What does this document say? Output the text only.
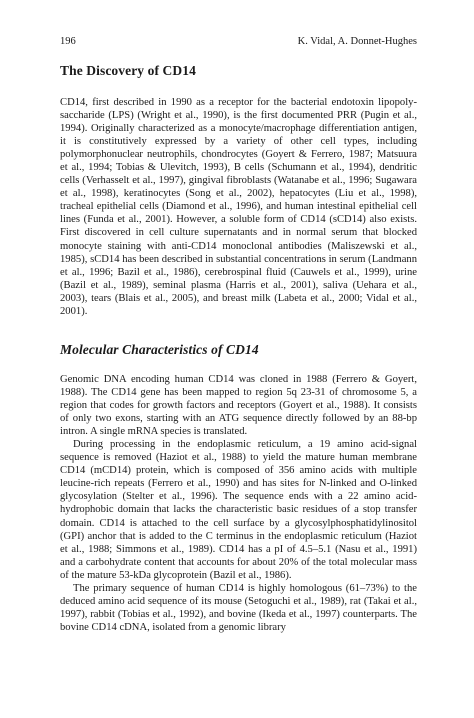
196	K. Vidal, A. Donnet-Hughes
The Discovery of CD14

CD14, first described in 1990 as a receptor for the bacterial endotoxin lipopolysaccharide (LPS) (Wright et al., 1990), is the first documented PRR (Pugin et al., 1994). Originally characterized as a monocyte/macrophage differentiation antigen, it is constitutively expressed by a variety of other cell types, including polymorphonuclear neutrophils, chondrocytes (Goyert & Ferrero, 1987; Matsuura et al., 1994; Tobias & Ulevitch, 1993), B cells (Schumann et al., 1994), dendritic cells (Verhasselt et al., 1997), gingival fibroblasts (Watanabe et al., 1996; Sugawara et al., 1998), keratinocytes (Song et al., 2002), hepatocytes (Liu et al., 1998), tracheal epithelial cells (Diamond et al., 1996), and human intestinal epithelial cell lines (Funda et al., 2001). However, a soluble form of CD14 (sCD14) also exists. First discovered in cell culture supernatants and in normal serum that blocked monocyte staining with anti-CD14 monoclonal antibodies (Maliszewski et al., 1985), sCD14 has been described in substantial concentrations in serum (Landmann et al., 1996; Bazil et al., 1986), cerebrospinal fluid (Cauwels et al., 1999), urine (Bazil et al., 1989), seminal plasma (Harris et al., 2001), saliva (Uehara et al., 2003), tears (Blais et al., 2005), and breast milk (Labeta et al., 2000; Vidal et al., 2001).

Molecular Characteristics of CD14

Genomic DNA encoding human CD14 was cloned in 1988 (Ferrero & Goyert, 1988). The CD14 gene has been mapped to region 5q 23-31 of chromosome 5, a region that codes for growth factors and receptors (Goyert et al., 1988). It consists of only two exons, starting with an ATG sequence directly followed by an 88-bp intron. A single mRNA species is translated.

During processing in the endoplasmic reticulum, a 19 amino acid-signal sequence is removed (Haziot et al., 1988) to yield the mature human membrane CD14 (mCD14) protein, which is composed of 356 amino acids with multiple leucine-rich repeats (Ferrero et al., 1990) and has sites for N-linked and O-linked glycosylation (Stelter et al., 1996). The sequence ends with a 22 amino acid-hydrophobic domain that lacks the characteristic basic residues of a stop transfer domain. CD14 is attached to the cell surface by a glycosylphosphatidylinositol (GPI) anchor that is added to the C terminus in the endoplasmic reticulum (Haziot et al., 1988; Simmons et al., 1989). CD14 has a pI of 4.5–5.1 (Nasu et al., 1991) and a carbohydrate content that accounts for about 20% of the total molecular mass of the mature 53-kDa glycoprotein (Bazil et al., 1986).

The primary sequence of human CD14 is highly homologous (61–73%) to the deduced amino acid sequence of its mouse (Setoguchi et al., 1989), rat (Takai et al., 1997), rabbit (Tobias et al., 1992), and bovine (Ikeda et al., 1997) counterparts. The bovine CD14 cDNA, isolated from a genomic library
